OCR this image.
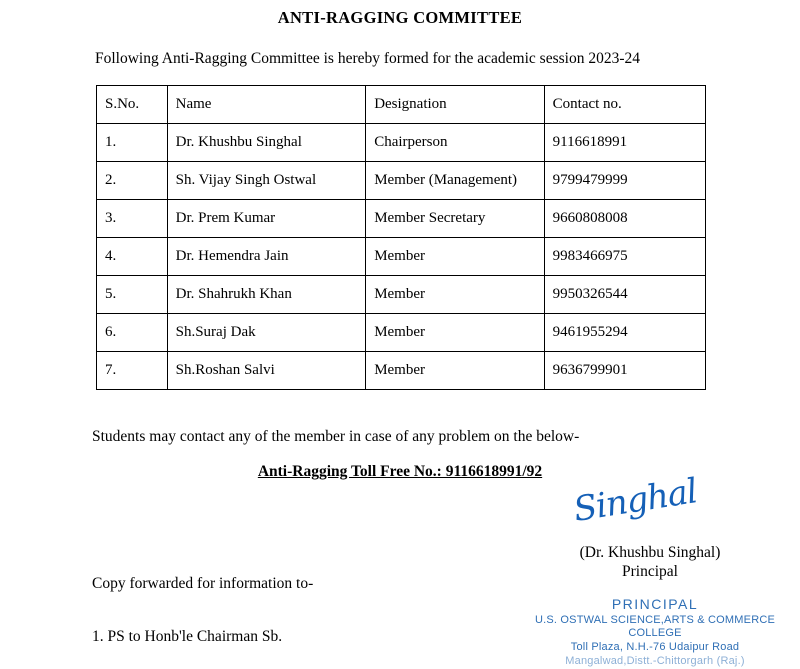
ANTI-RAGGING COMMITTEE
Following Anti-Ragging Committee is hereby formed for the academic session 2023-24
S.No.	Name	Designation	Contact no.
1.	Dr. Khushbu Singhal	Chairperson	9116618991
2.	Sh. Vijay Singh Ostwal	Member (Management)	9799479999
3.	Dr. Prem Kumar	Member Secretary	9660808008
4.	Dr. Hemendra Jain	Member	9983466975
5.	Dr. Shahrukh Khan	Member	9950326544
6.	Sh.Suraj Dak	Member	9461955294
7.	Sh.Roshan Salvi	Member	9636799901
Students may contact any of the member in case of any problem on the below-
Anti-Ragging Toll Free No.: 9116618991/92 Singhal
(Dr. Khushbu Singhal)
Principal
PRINCIPAL
U.S. OSTWAL SCIENCE,ARTS & COMMERCE COLLEGE
Toll Plaza, N.H.-76 Udaipur Road
Mangalwad,Distt.-Chittorgarh (Raj.)
Copy forwarded for information to-
1. PS to Honb'le Chairman Sb.
